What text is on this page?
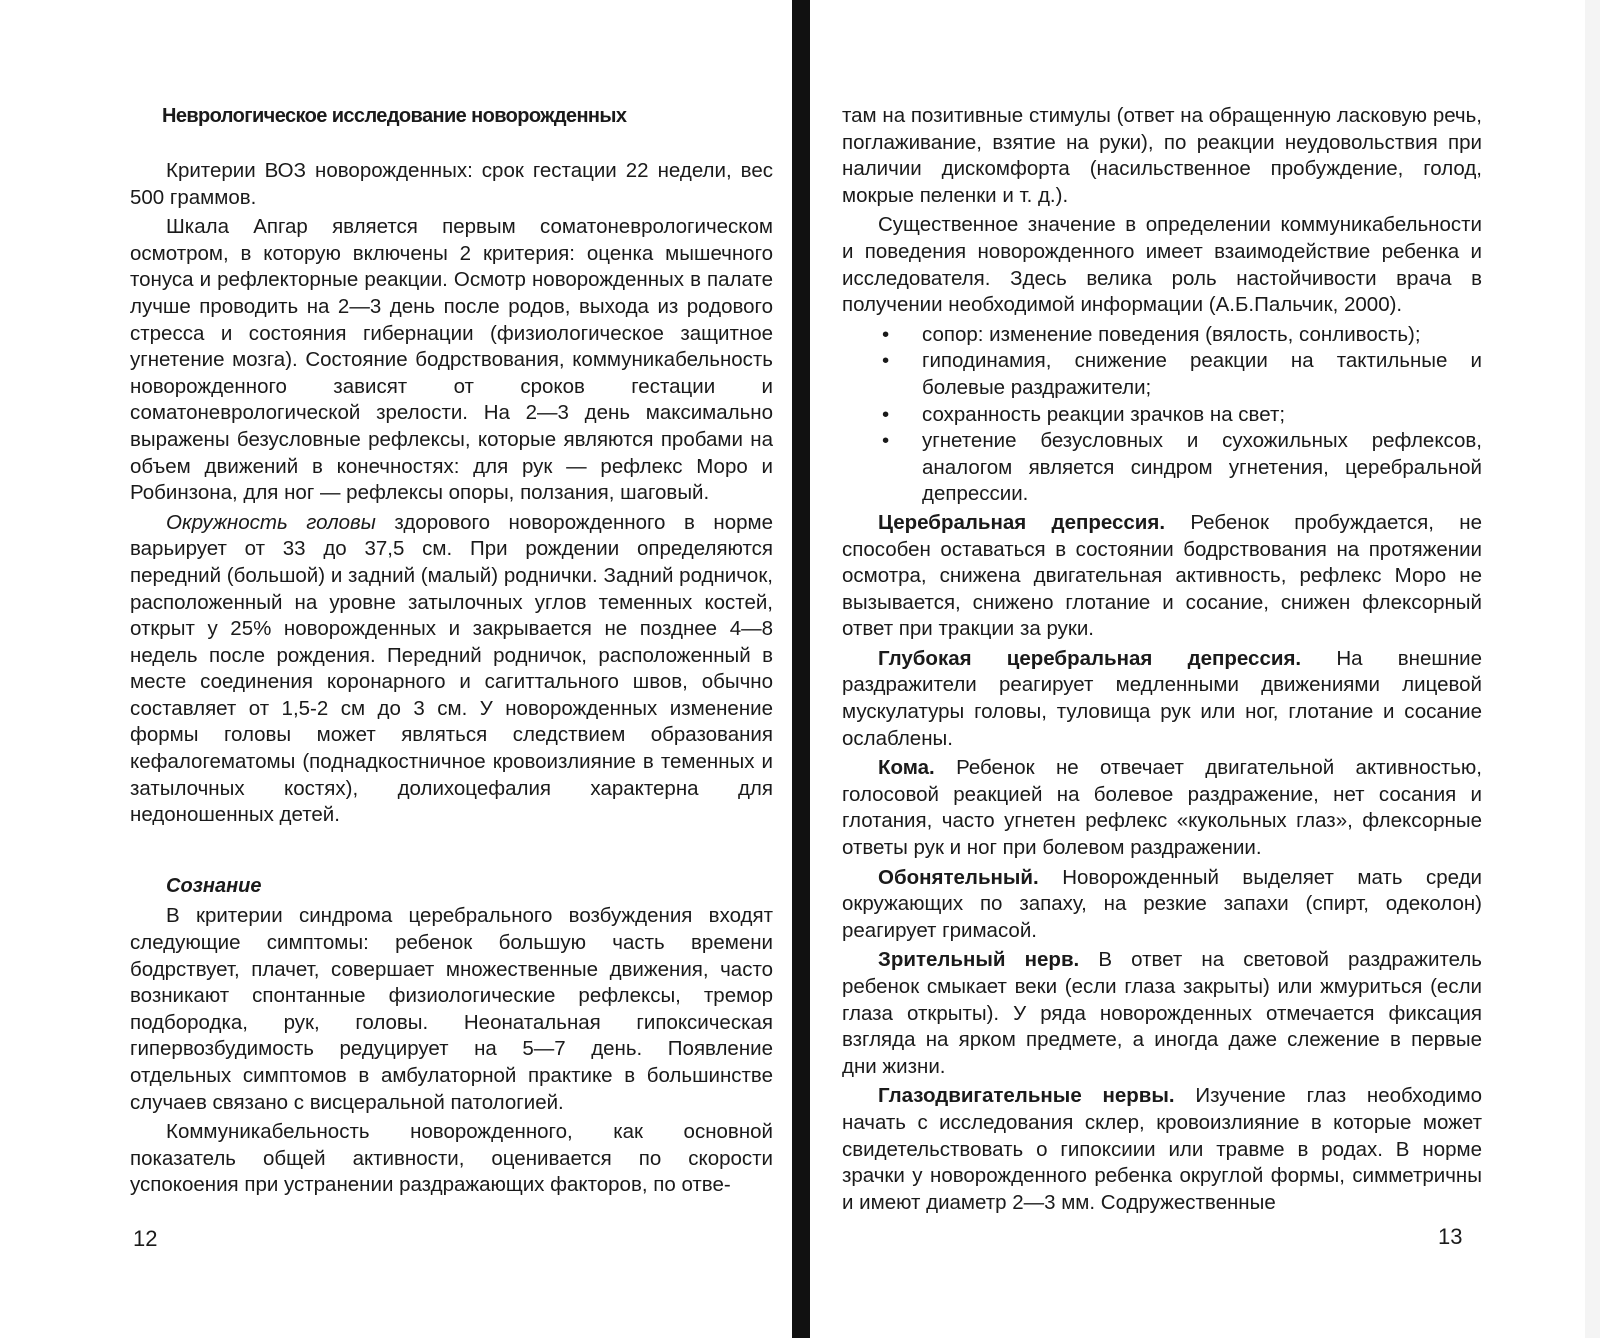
Неврологическое исследование новорожденных

Критерии ВОЗ новорожденных: срок гестации 22 недели, вес 500 граммов.

Шкала Апгар является первым соматоневрологическом осмотром, в которую включены 2 критерия: оценка мышечного тонуса и рефлекторные реакции. Осмотр новорожденных в палате лучше проводить на 2—3 день после родов, выхода из родового стресса и состояния гибернации (физиологическое защитное угнетение мозга). Состояние бодрствования, коммуникабельность новорожденного зависят от сроков гестации и соматоневрологической зрелости. На 2—3 день максимально выражены безусловные рефлексы, которые являются пробами на объем движений в конечностях: для рук — рефлекс Моро и Робинзона, для ног — рефлексы опоры, ползания, шаговый.

Окружность головы здорового новорожденного в норме варьирует от 33 до 37,5 см. При рождении определяются передний (большой) и задний (малый) роднички. Задний родничок, расположенный на уровне затылочных углов теменных костей, открыт у 25% новорожденных и закрывается не позднее 4—8 недель после рождения. Передний родничок, расположенный в месте соединения коронарного и сагиттального швов, обычно составляет от 1,5-2 см до 3 см. У новорожденных изменение формы головы может являться следствием образования кефалогематомы (поднадкостничное кровоизлияние в теменных и затылочных костях), долихоцефалия характерна для недоношенных детей.

Сознание

В критерии синдрома церебрального возбуждения входят следующие симптомы: ребенок большую часть времени бодрствует, плачет, совершает множественные движения, часто возникают спонтанные физиологические рефлексы, тремор подбородка, рук, головы. Неонатальная гипоксическая гипервозбудимость редуцирует на 5—7 день. Появление отдельных симптомов в амбулаторной практике в большинстве случаев связано с висцеральной патологией.

Коммуникабельность новорожденного, как основной показатель общей активности, оценивается по скорости успокоения при устранении раздражающих факторов, по отве-

12

там на позитивные стимулы (ответ на обращенную ласковую речь, поглаживание, взятие на руки), по реакции неудовольствия при наличии дискомфорта (насильственное пробуждение, голод, мокрые пеленки и т. д.).

Существенное значение в определении коммуникабельности и поведения новорожденного имеет взаимодействие ребенка и исследователя. Здесь велика роль настойчивости врача в получении необходимой информации (А.Б.Пальчик, 2000).

• сопор: изменение поведения (вялость, сонливость);
• гиподинамия, снижение реакции на тактильные и болевые раздражители;
• сохранность реакции зрачков на свет;
• угнетение безусловных и сухожильных рефлексов, аналогом является синдром угнетения, церебральной депрессии.

Церебральная депрессия. Ребенок пробуждается, не способен оставаться в состоянии бодрствования на протяжении осмотра, снижена двигательная активность, рефлекс Моро не вызывается, снижено глотание и сосание, снижен флексорный ответ при тракции за руки.

Глубокая церебральная депрессия. На внешние раздражители реагирует медленными движениями лицевой мускулатуры головы, туловища рук или ног, глотание и сосание ослаблены.

Кома. Ребенок не отвечает двигательной активностью, голосовой реакцией на болевое раздражение, нет сосания и глотания, часто угнетен рефлекс «кукольных глаз», флексорные ответы рук и ног при болевом раздражении.

Обонятельный. Новорожденный выделяет мать среди окружающих по запаху, на резкие запахи (спирт, одеколон) реагирует гримасой.

Зрительный нерв. В ответ на световой раздражитель ребенок смыкает веки (если глаза закрыты) или жмуриться (если глаза открыты). У ряда новорожденных отмечается фиксация взгляда на ярком предмете, а иногда даже слежение в первые дни жизни.

Глазодвигательные нервы. Изучение глаз необходимо начать с исследования склер, кровоизлияние в которые может свидетельствовать о гипоксиии или травме в родах. В норме зрачки у новорожденного ребенка округлой формы, симметричны и имеют диаметр 2—3 мм. Содружественные

13
